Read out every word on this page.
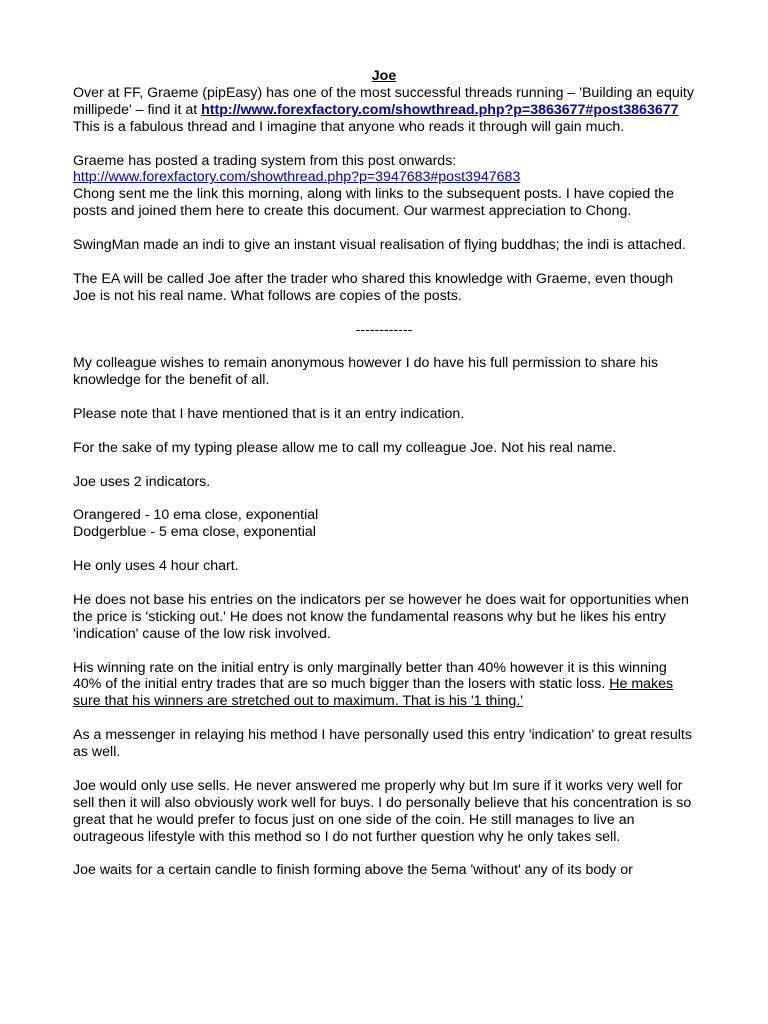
Joe

Over at FF, Graeme (pipEasy) has one of the most successful threads running – 'Building an equity millipede' – find it at http://www.forexfactory.com/showthread.php?p=3863677#post3863677 This is a fabulous thread and I imagine that anyone who reads it through will gain much.

Graeme has posted a trading system from this post onwards:
http://www.forexfactory.com/showthread.php?p=3947683#post3947683
Chong sent me the link this morning, along with links to the subsequent posts. I have copied the posts and joined them here to create this document. Our warmest appreciation to Chong.

SwingMan made an indi to give an instant visual realisation of flying buddhas; the indi is attached.

The EA will be called Joe after the trader who shared this knowledge with Graeme, even though Joe is not his real name. What follows are copies of the posts.

------------

My colleague wishes to remain anonymous however I do have his full permission to share his knowledge for the benefit of all.

Please note that I have mentioned that is it an entry indication.

For the sake of my typing please allow me to call my colleague Joe. Not his real name.

Joe uses 2 indicators.

Orangered - 10 ema close, exponential

Dodgerblue - 5 ema close, exponential

He only uses 4 hour chart.

He does not base his entries on the indicators per se however he does wait for opportunities when the price is 'sticking out.' He does not know the fundamental reasons why but he likes his entry 'indication' cause of the low risk involved.

His winning rate on the initial entry is only marginally better than 40% however it is this winning 40% of the initial entry trades that are so much bigger than the losers with static loss. He makes sure that his winners are stretched out to maximum. That is his '1 thing.'

As a messenger in relaying his method I have personally used this entry 'indication' to great results as well.

Joe would only use sells. He never answered me properly why but Im sure if it works very well for sell then it will also obviously work well for buys. I do personally believe that his concentration is so great that he would prefer to focus just on one side of the coin. He still manages to live an outrageous lifestyle with this method so I do not further question why he only takes sell.

Joe waits for a certain candle to finish forming above the 5ema 'without' any of its body or
